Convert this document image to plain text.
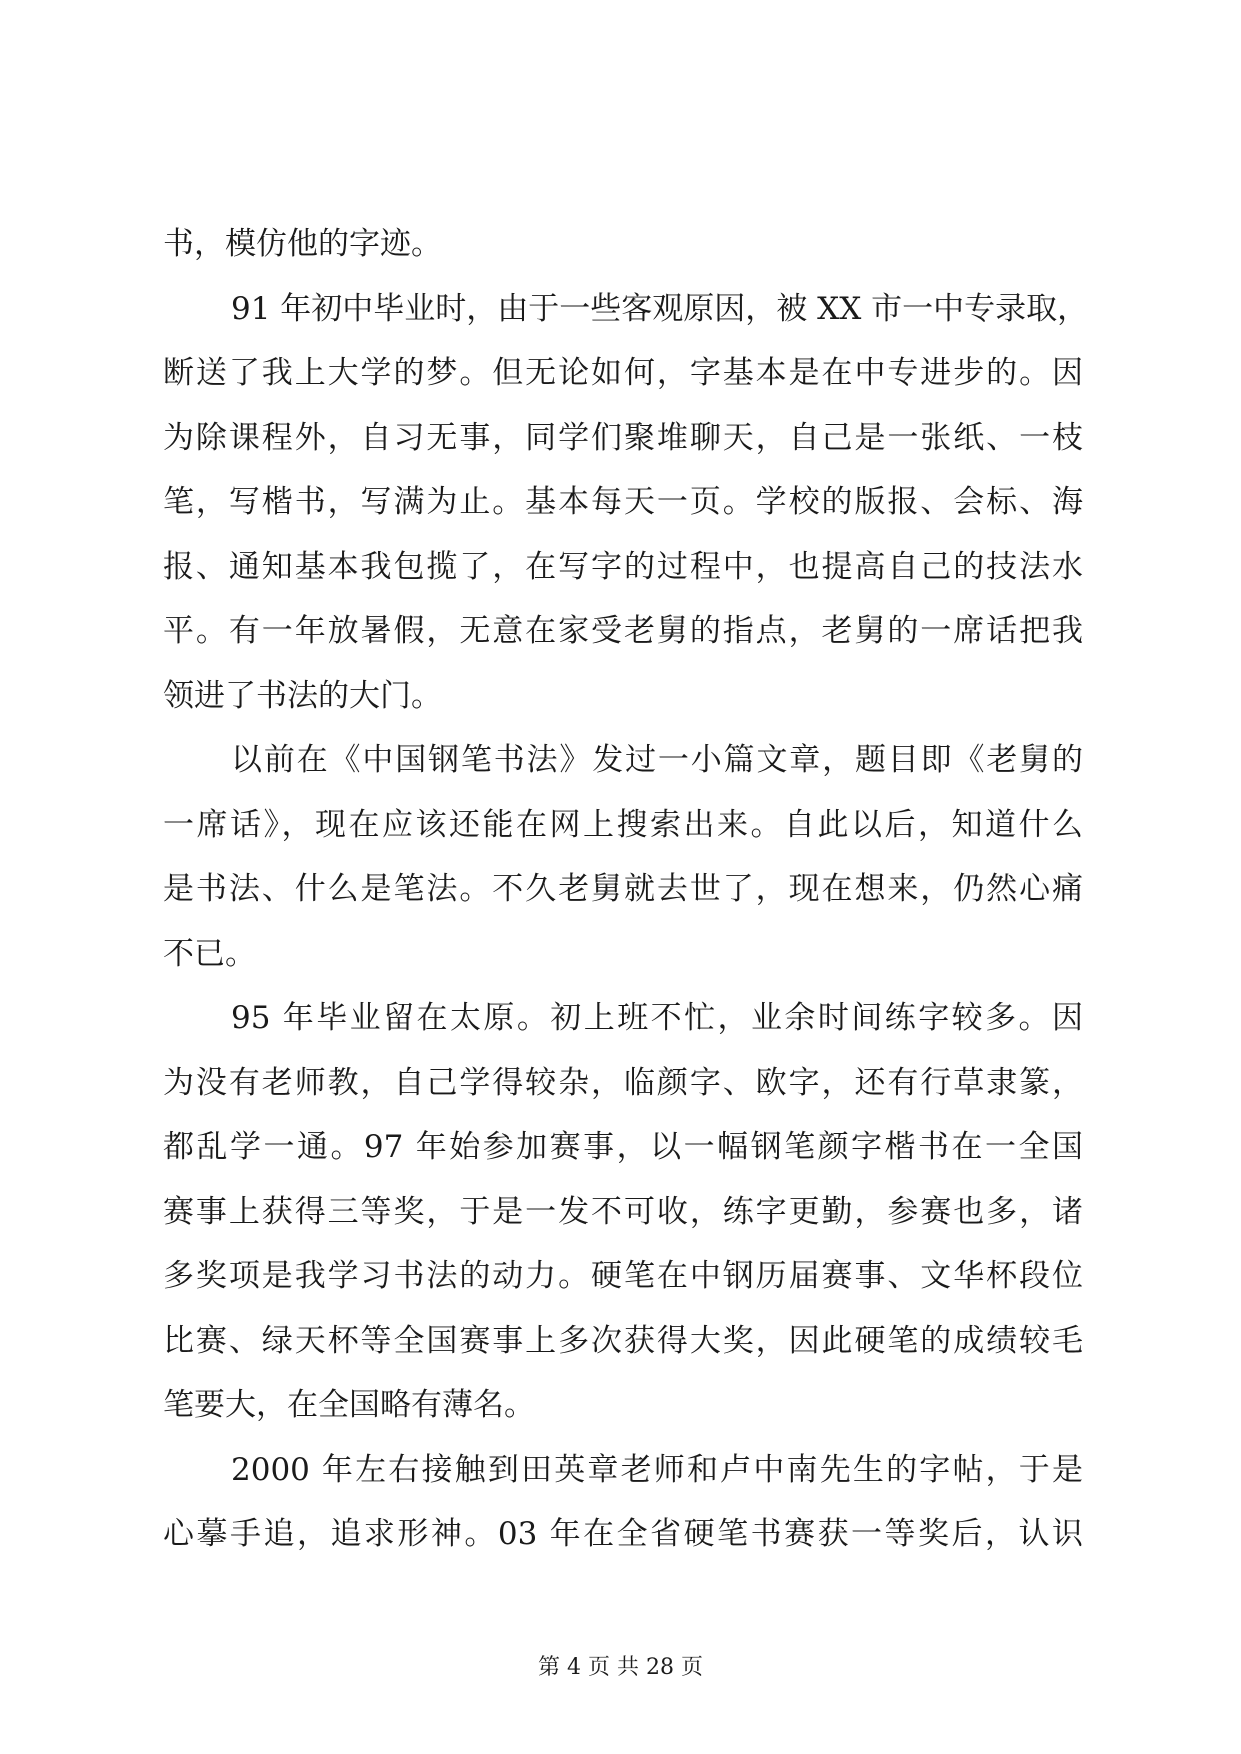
书，模仿他的字迹。
91 年初中毕业时，由于一些客观原因，被 XX 市一中专录取，
断送了我上大学的梦。但无论如何，字基本是在中专进步的。因
为除课程外，自习无事，同学们聚堆聊天，自己是一张纸、一枝
笔，写楷书，写满为止。基本每天一页。学校的版报、会标、海
报、通知基本我包揽了，在写字的过程中，也提高自己的技法水
平。有一年放暑假，无意在家受老舅的指点，老舅的一席话把我
领进了书法的大门。
以前在《中国钢笔书法》发过一小篇文章，题目即《老舅的
一席话》，现在应该还能在网上搜索出来。自此以后，知道什么
是书法、什么是笔法。不久老舅就去世了，现在想来，仍然心痛
不已。
95 年毕业留在太原。初上班不忙，业余时间练字较多。因
为没有老师教，自己学得较杂，临颜字、欧字，还有行草隶篆，
都乱学一通。97 年始参加赛事，以一幅钢笔颜字楷书在一全国
赛事上获得三等奖，于是一发不可收，练字更勤，参赛也多，诸
多奖项是我学习书法的动力。硬笔在中钢历届赛事、文华杯段位
比赛、绿天杯等全国赛事上多次获得大奖，因此硬笔的成绩较毛
笔要大，在全国略有薄名。
2000 年左右接触到田英章老师和卢中南先生的字帖，于是
心摹手追，追求形神。03 年在全省硬笔书赛获一等奖后，认识
第 4 页 共 28 页
